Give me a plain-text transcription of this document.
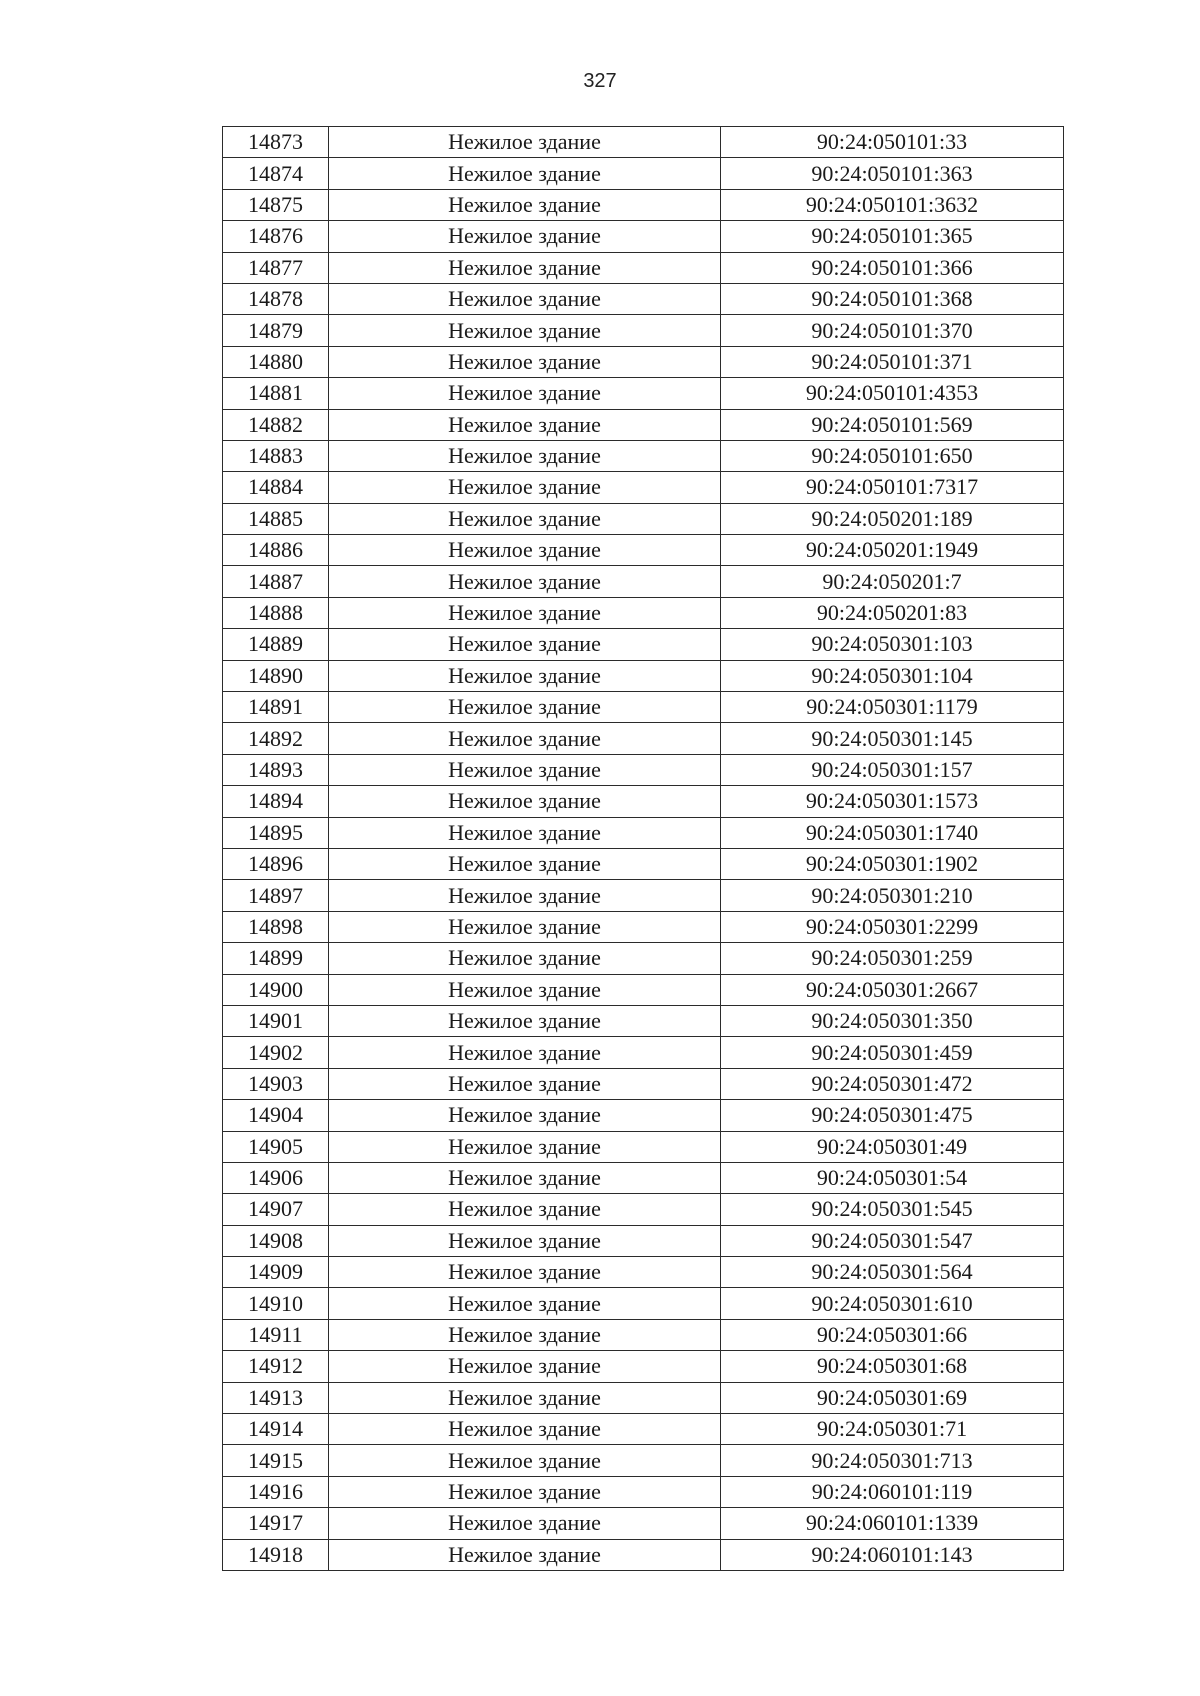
327
14873	Нежилое здание	90:24:050101:33
14874	Нежилое здание	90:24:050101:363
14875	Нежилое здание	90:24:050101:3632
14876	Нежилое здание	90:24:050101:365
14877	Нежилое здание	90:24:050101:366
14878	Нежилое здание	90:24:050101:368
14879	Нежилое здание	90:24:050101:370
14880	Нежилое здание	90:24:050101:371
14881	Нежилое здание	90:24:050101:4353
14882	Нежилое здание	90:24:050101:569
14883	Нежилое здание	90:24:050101:650
14884	Нежилое здание	90:24:050101:7317
14885	Нежилое здание	90:24:050201:189
14886	Нежилое здание	90:24:050201:1949
14887	Нежилое здание	90:24:050201:7
14888	Нежилое здание	90:24:050201:83
14889	Нежилое здание	90:24:050301:103
14890	Нежилое здание	90:24:050301:104
14891	Нежилое здание	90:24:050301:1179
14892	Нежилое здание	90:24:050301:145
14893	Нежилое здание	90:24:050301:157
14894	Нежилое здание	90:24:050301:1573
14895	Нежилое здание	90:24:050301:1740
14896	Нежилое здание	90:24:050301:1902
14897	Нежилое здание	90:24:050301:210
14898	Нежилое здание	90:24:050301:2299
14899	Нежилое здание	90:24:050301:259
14900	Нежилое здание	90:24:050301:2667
14901	Нежилое здание	90:24:050301:350
14902	Нежилое здание	90:24:050301:459
14903	Нежилое здание	90:24:050301:472
14904	Нежилое здание	90:24:050301:475
14905	Нежилое здание	90:24:050301:49
14906	Нежилое здание	90:24:050301:54
14907	Нежилое здание	90:24:050301:545
14908	Нежилое здание	90:24:050301:547
14909	Нежилое здание	90:24:050301:564
14910	Нежилое здание	90:24:050301:610
14911	Нежилое здание	90:24:050301:66
14912	Нежилое здание	90:24:050301:68
14913	Нежилое здание	90:24:050301:69
14914	Нежилое здание	90:24:050301:71
14915	Нежилое здание	90:24:050301:713
14916	Нежилое здание	90:24:060101:119
14917	Нежилое здание	90:24:060101:1339
14918	Нежилое здание	90:24:060101:143
